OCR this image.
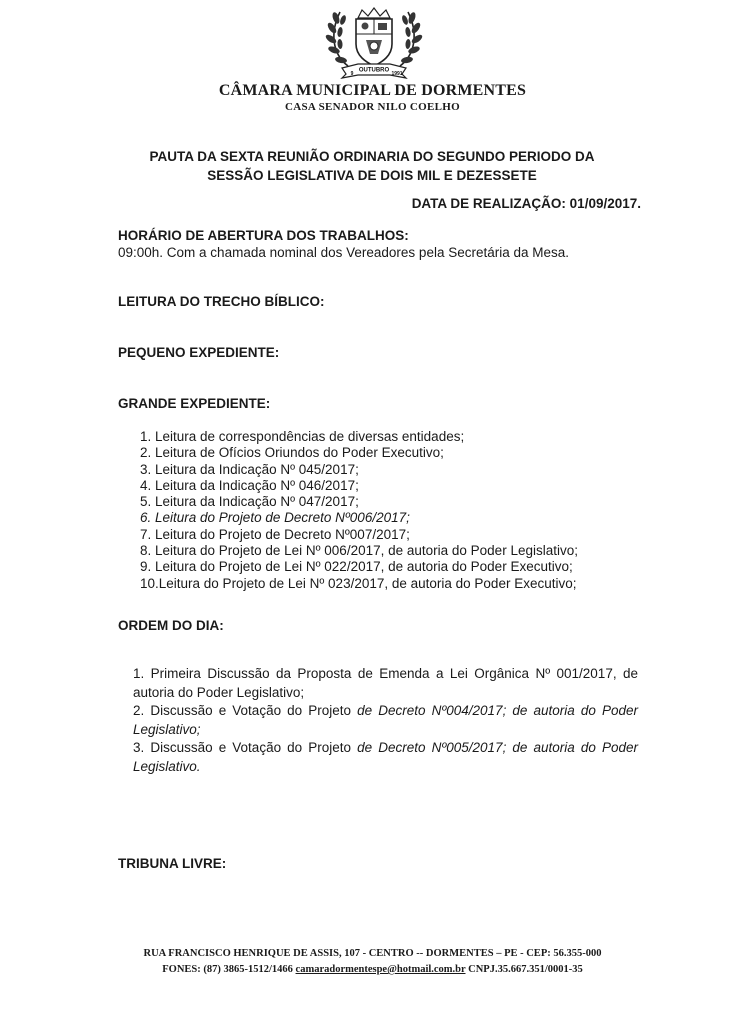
OUTUBRO
9	1991
CÂMARA MUNICIPAL DE DORMENTES
CASA SENADOR NILO COELHO
PAUTA DA SEXTA REUNIÃO ORDINARIA DO SEGUNDO PERIODO DA
SESSÃO LEGISLATIVA DE DOIS MIL E DEZESSETE
DATA DE REALIZAÇÃO: 01/09/2017.
HORÁRIO DE ABERTURA DOS TRABALHOS:
09:00h. Com a chamada nominal dos Vereadores pela Secretária da Mesa.
LEITURA DO TRECHO BÍBLICO:
PEQUENO EXPEDIENTE:
GRANDE EXPEDIENTE:
1. Leitura de correspondências de diversas entidades;
2. Leitura de Ofícios Oriundos do Poder Executivo;
3. Leitura da Indicação Nº 045/2017;
4. Leitura da Indicação Nº 046/2017;
5. Leitura da Indicação Nº 047/2017;
6. Leitura do Projeto de Decreto Nº006/2017;
7. Leitura do Projeto de Decreto Nº007/2017;
8. Leitura do Projeto de Lei Nº 006/2017, de autoria do Poder Legislativo;
9. Leitura do Projeto de Lei Nº 022/2017, de autoria do Poder Executivo;
10.Leitura do Projeto de Lei Nº 023/2017, de autoria do Poder Executivo;
ORDEM DO DIA:
1. Primeira Discussão da Proposta de Emenda a Lei Orgânica Nº 001/2017, de autoria do Poder Legislativo;
2. Discussão e Votação do Projeto de Decreto Nº004/2017; de autoria do Poder Legislativo;
3. Discussão e Votação do Projeto de Decreto Nº005/2017; de autoria do Poder Legislativo.
TRIBUNA LIVRE:
RUA FRANCISCO HENRIQUE DE ASSIS, 107 - CENTRO -- DORMENTES – PE - CEP: 56.355-000
FONES: (87) 3865-1512/1466 camaradormentespe@hotmail.com.br CNPJ.35.667.351/0001-35
